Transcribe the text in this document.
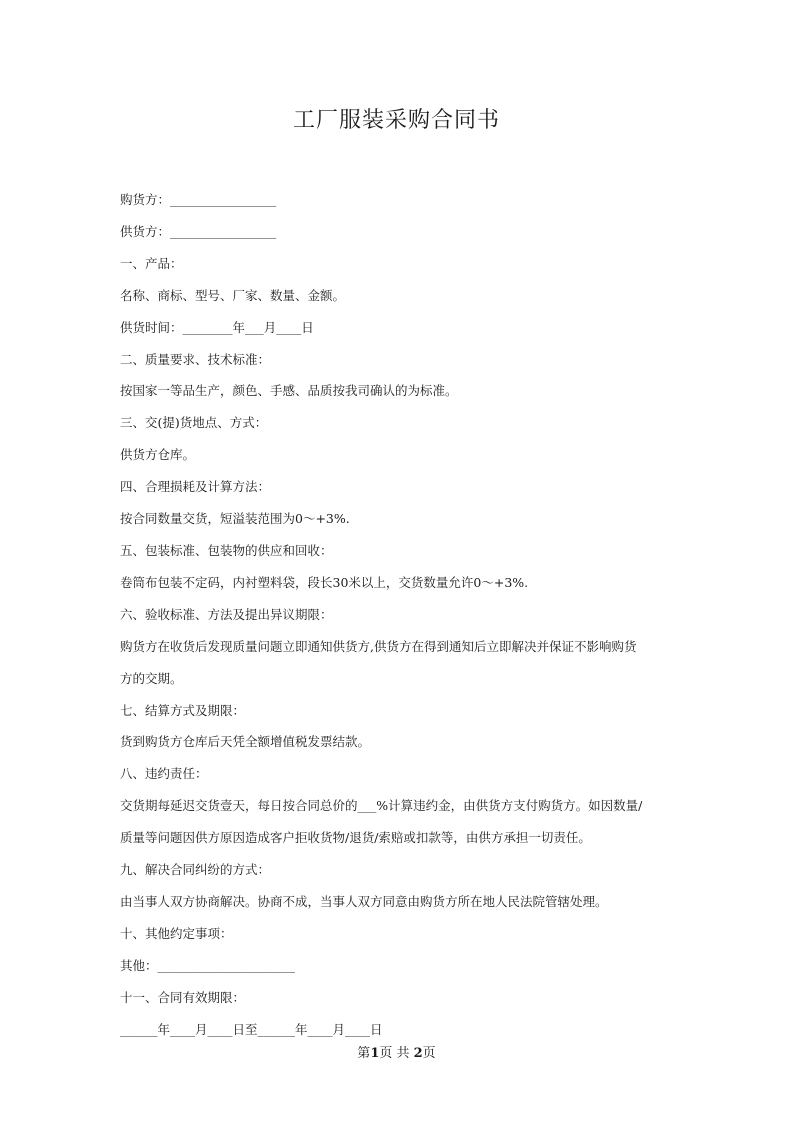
工厂服装采购合同书

购货方：_________________

供货方：_________________

一、产品：

名称、商标、型号、厂家、数量、金额。

供货时间：________年___月____日

二、质量要求、技术标准：

按国家一等品生产，颜色、手感、品质按我司确认的为标准。

三、交(提)货地点、方式：

供货方仓库。

四、合理损耗及计算方法：

按合同数量交货，短溢装范围为0～+3%.

五、包装标准、包装物的供应和回收：

卷筒布包装不定码，内衬塑料袋，段长30米以上，交货数量允许0～+3%.

六、验收标准、方法及提出异议期限：

购货方在收货后发现质量问题立即通知供货方,供货方在得到通知后立即解决并保证不影响购货

方的交期。

七、结算方式及期限：

货到购货方仓库后天凭全额增值税发票结款。

八、违约责任：

交货期每延迟交货壹天，每日按合同总价的___%计算违约金，由供货方支付购货方。如因数量/

质量等问题因供方原因造成客户拒收货物/退货/索赔或扣款等，由供方承担一切责任。

九、解决合同纠纷的方式：

由当事人双方协商解决。协商不成，当事人双方同意由购货方所在地人民法院管辖处理。

十、其他约定事项：

其他：______________________

十一、合同有效期限：

______年____月____日至______年____月____日

第1页 共 2页
